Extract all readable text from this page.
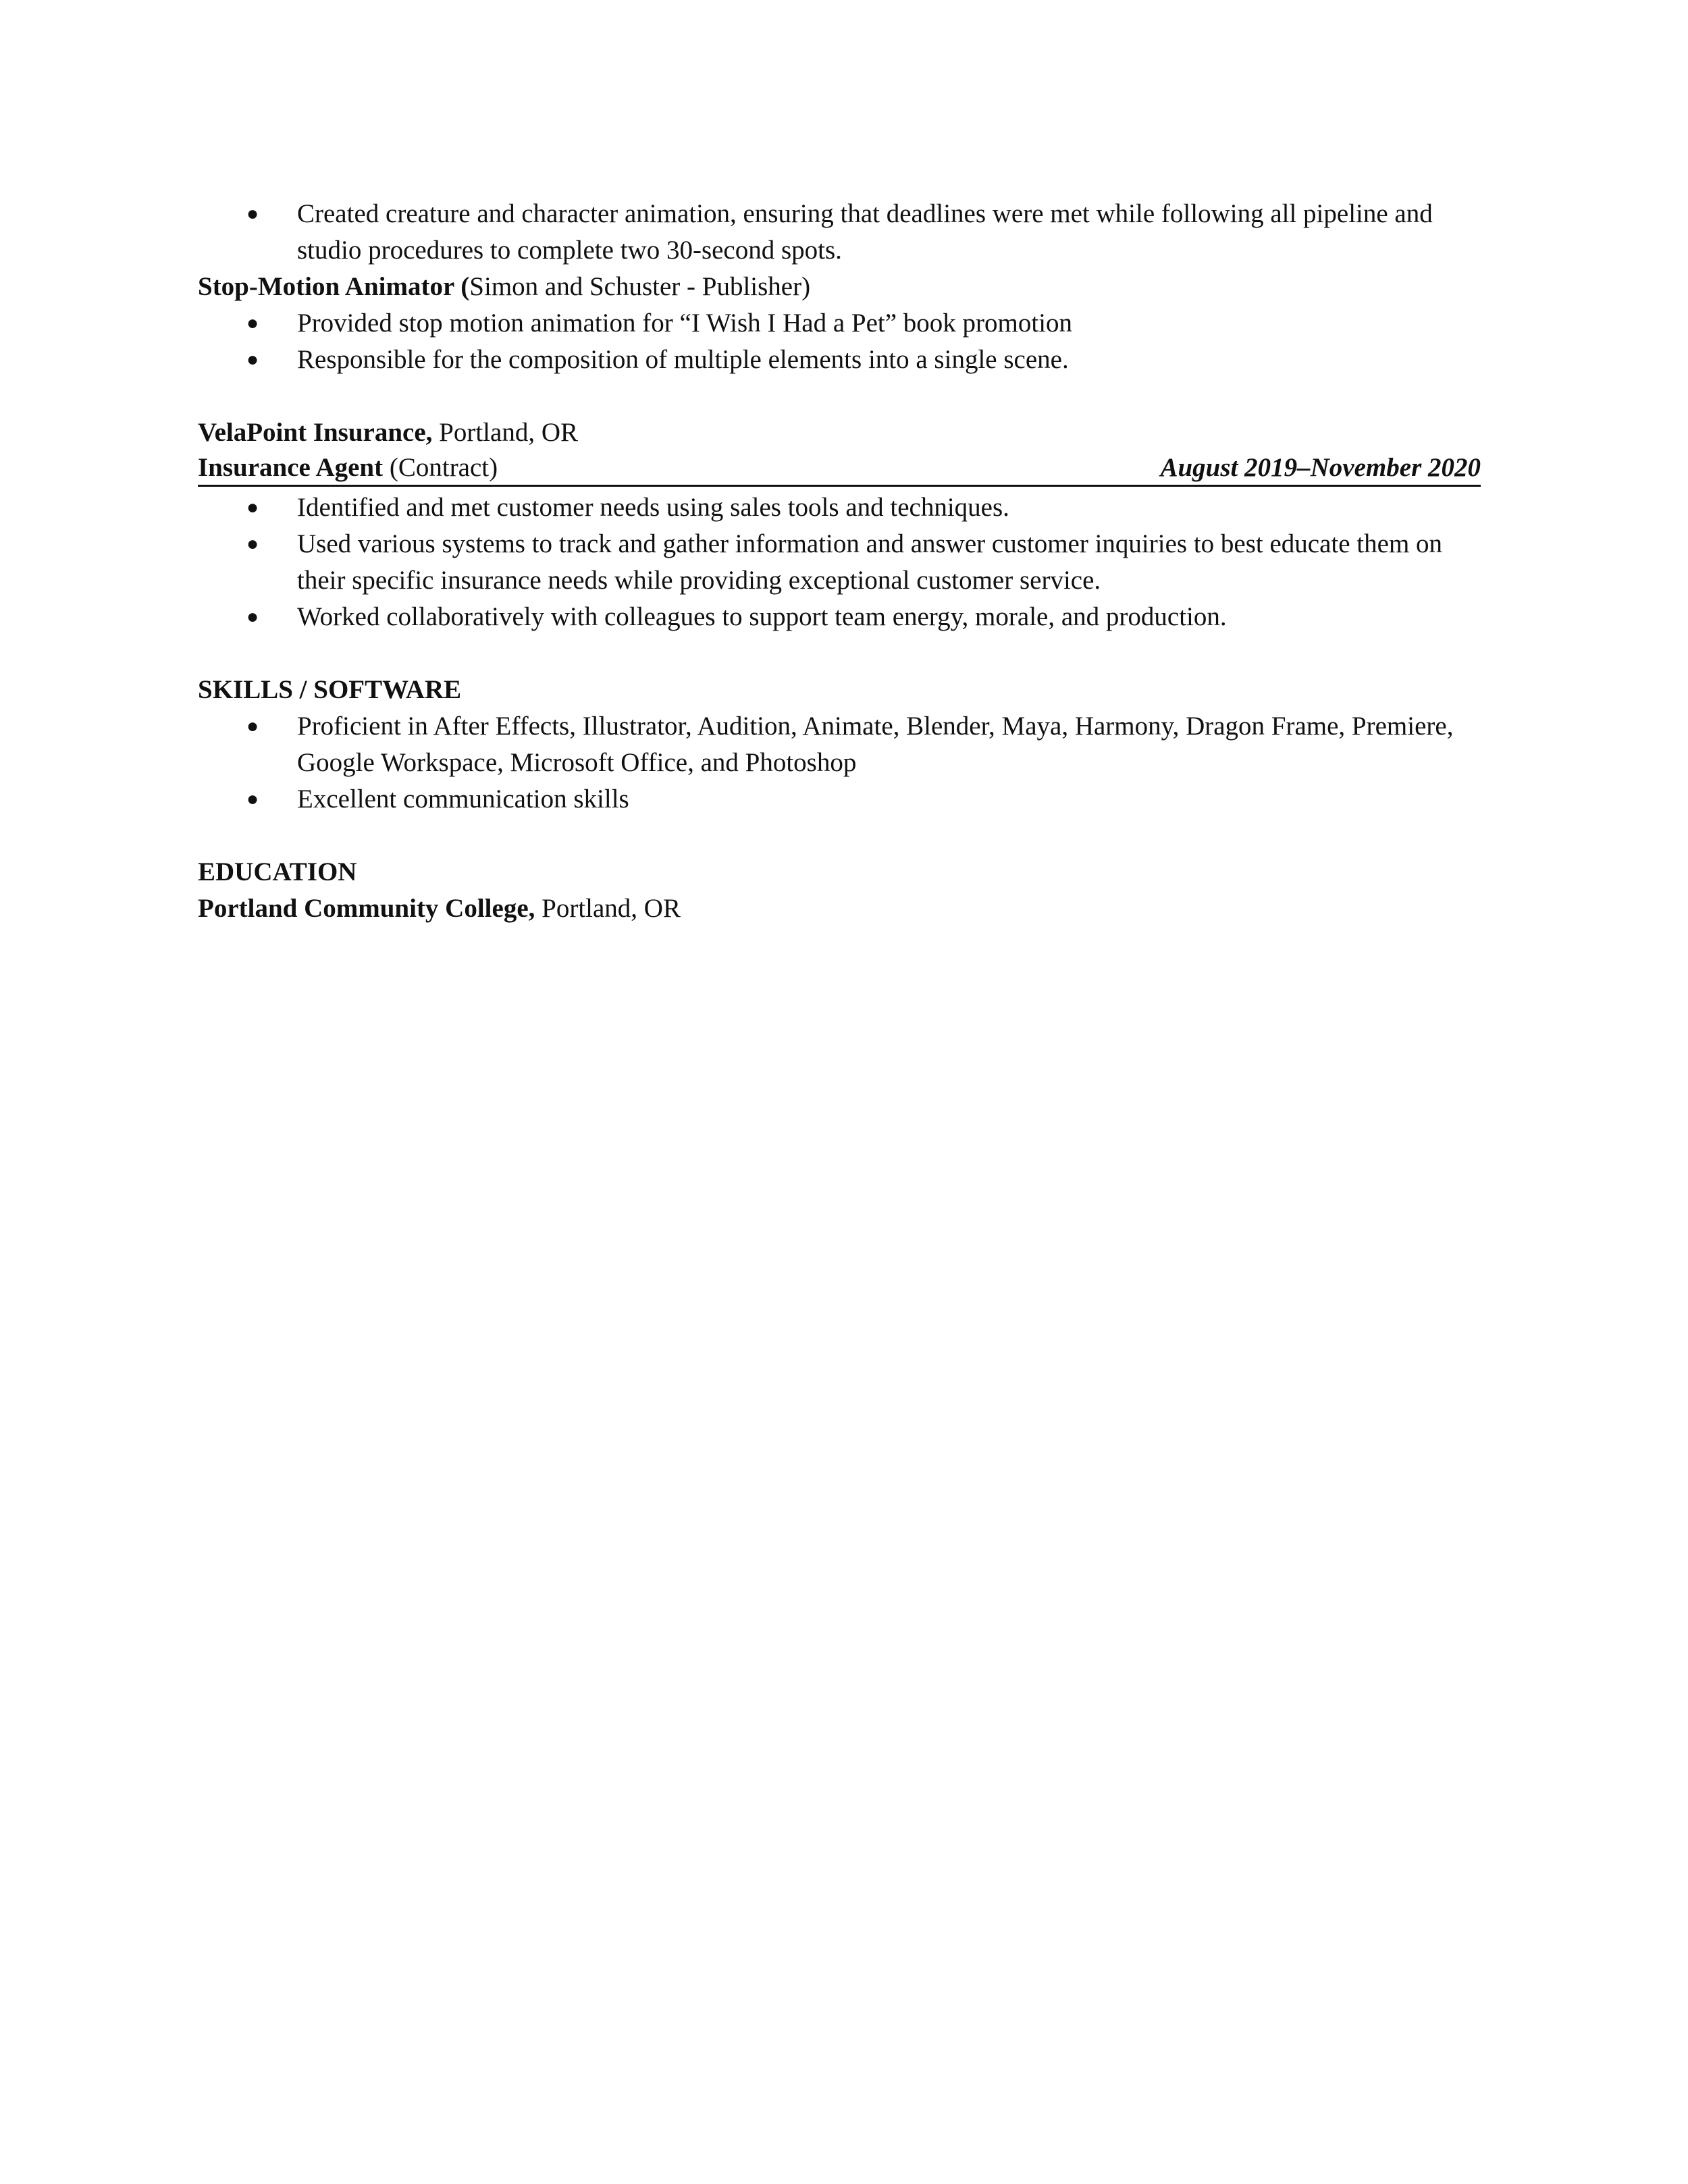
● Created creature and character animation, ensuring that deadlines were met while following all pipeline and studio procedures to complete two 30-second spots.
Stop-Motion Animator (Simon and Schuster - Publisher)
● Provided stop motion animation for “I Wish I Had a Pet” book promotion
● Responsible for the composition of multiple elements into a single scene.
VelaPoint Insurance, Portland, OR
Insurance Agent (Contract)	August 2019–November 2020
● Identified and met customer needs using sales tools and techniques.
● Used various systems to track and gather information and answer customer inquiries to best educate them on their specific insurance needs while providing exceptional customer service.
● Worked collaboratively with colleagues to support team energy, morale, and production.
SKILLS / SOFTWARE
● Proficient in After Effects, Illustrator, Audition, Animate, Blender, Maya, Harmony, Dragon Frame, Premiere, Google Workspace, Microsoft Office, and Photoshop
● Excellent communication skills
EDUCATION
Portland Community College, Portland, OR
